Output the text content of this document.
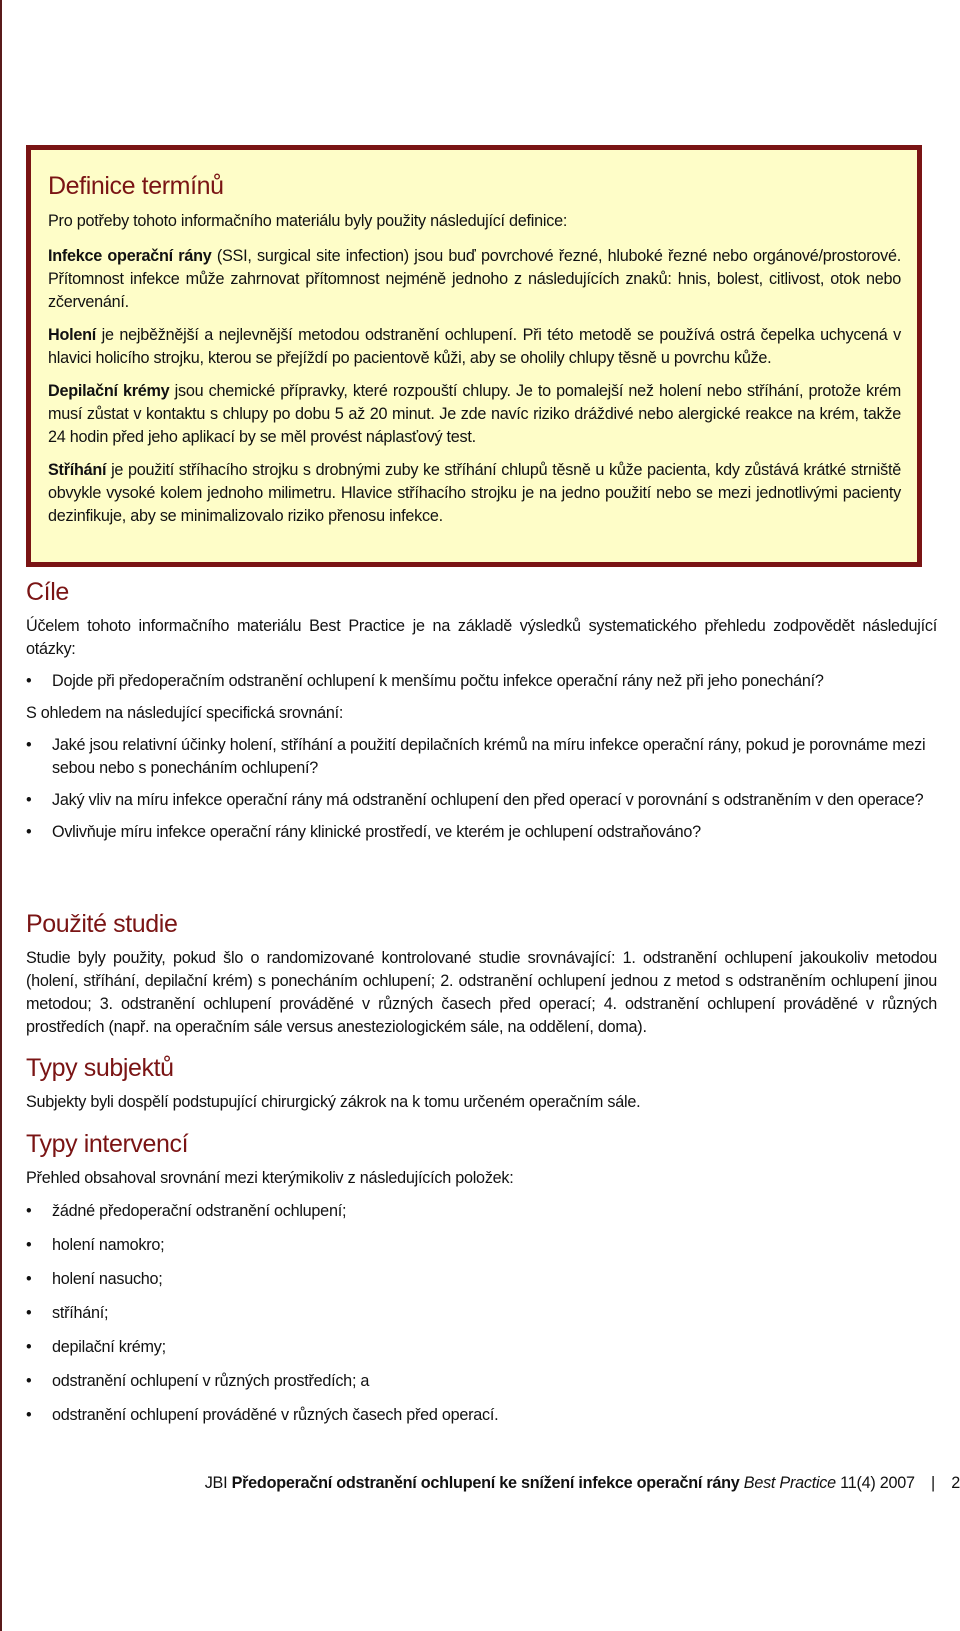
Definice termínů

Pro potřeby tohoto informačního materiálu byly použity následující definice:

Infekce operační rány (SSI, surgical site infection) jsou buď povrchové řezné, hluboké řezné nebo orgánové/prostorové. Přítomnost infekce může zahrnovat přítomnost nejméně jednoho z následujících znaků: hnis, bolest, citlivost, otok nebo zčervenání.

Holení je nejběžnější a nejlevnější metodou odstranění ochlupení. Při této metodě se používá ostrá čepelka uchycená v hlavici holicího strojku, kterou se přejíždí po pacientově kůži, aby se oholily chlupy těsně u povrchu kůže.

Depilační krémy jsou chemické přípravky, které rozpouští chlupy. Je to pomalejší než holení nebo stříhání, protože krém musí zůstat v kontaktu s chlupy po dobu 5 až 20 minut. Je zde navíc riziko dráždivé nebo alergické reakce na krém, takže 24 hodin před jeho aplikací by se měl provést náplasťový test.

Stříhání je použití stříhacího strojku s drobnými zuby ke stříhání chlupů těsně u kůže pacienta, kdy zůstává krátké strniště obvykle vysoké kolem jednoho milimetru. Hlavice stříhacího strojku je na jedno použití nebo se mezi jednotlivými pacienty dezinfikuje, aby se minimalizovalo riziko přenosu infekce.

Cíle

Účelem tohoto informačního materiálu Best Practice je na základě výsledků systematického přehledu zodpovědět následující otázky:

• Dojde při předoperačním odstranění ochlupení k menšímu počtu infekce operační rány než při jeho ponechání?

S ohledem na následující specifická srovnání:

• Jaké jsou relativní účinky holení, stříhání a použití depilačních krémů na míru infekce operační rány, pokud je porovnáme mezi sebou nebo s ponecháním ochlupení?
• Jaký vliv na míru infekce operační rány má odstranění ochlupení den před operací v porovnání s odstraněním v den operace?
• Ovlivňuje míru infekce operační rány klinické prostředí, ve kterém je ochlupení odstraňováno?
Použité studie

Studie byly použity, pokud šlo o randomizované kontrolované studie srovnávající: 1. odstranění ochlupení jakoukoliv metodou (holení, stříhání, depilační krém) s ponecháním ochlupení; 2. odstranění ochlupení jednou z metod s odstraněním ochlupení jinou metodou; 3. odstranění ochlupení prováděné v různých časech před operací; 4. odstranění ochlupení prováděné v různých prostředích (např. na operačním sále versus anesteziologickém sále, na oddělení, doma).

Typy subjektů

Subjekty byli dospělí podstupující chirurgický zákrok na k tomu určeném operačním sále.

Typy intervencí

Přehled obsahoval srovnání mezi kterýmikoliv z následujících položek:

• žádné předoperační odstranění ochlupení;
• holení namokro;
• holení nasucho;
• stříhání;
• depilační krémy;
• odstranění ochlupení v různých prostředích; a
• odstranění ochlupení prováděné v různých časech před operací.
JBI Předoperační odstranění ochlupení ke snížení infekce operační rány Best Practice 11(4) 2007 | 2
